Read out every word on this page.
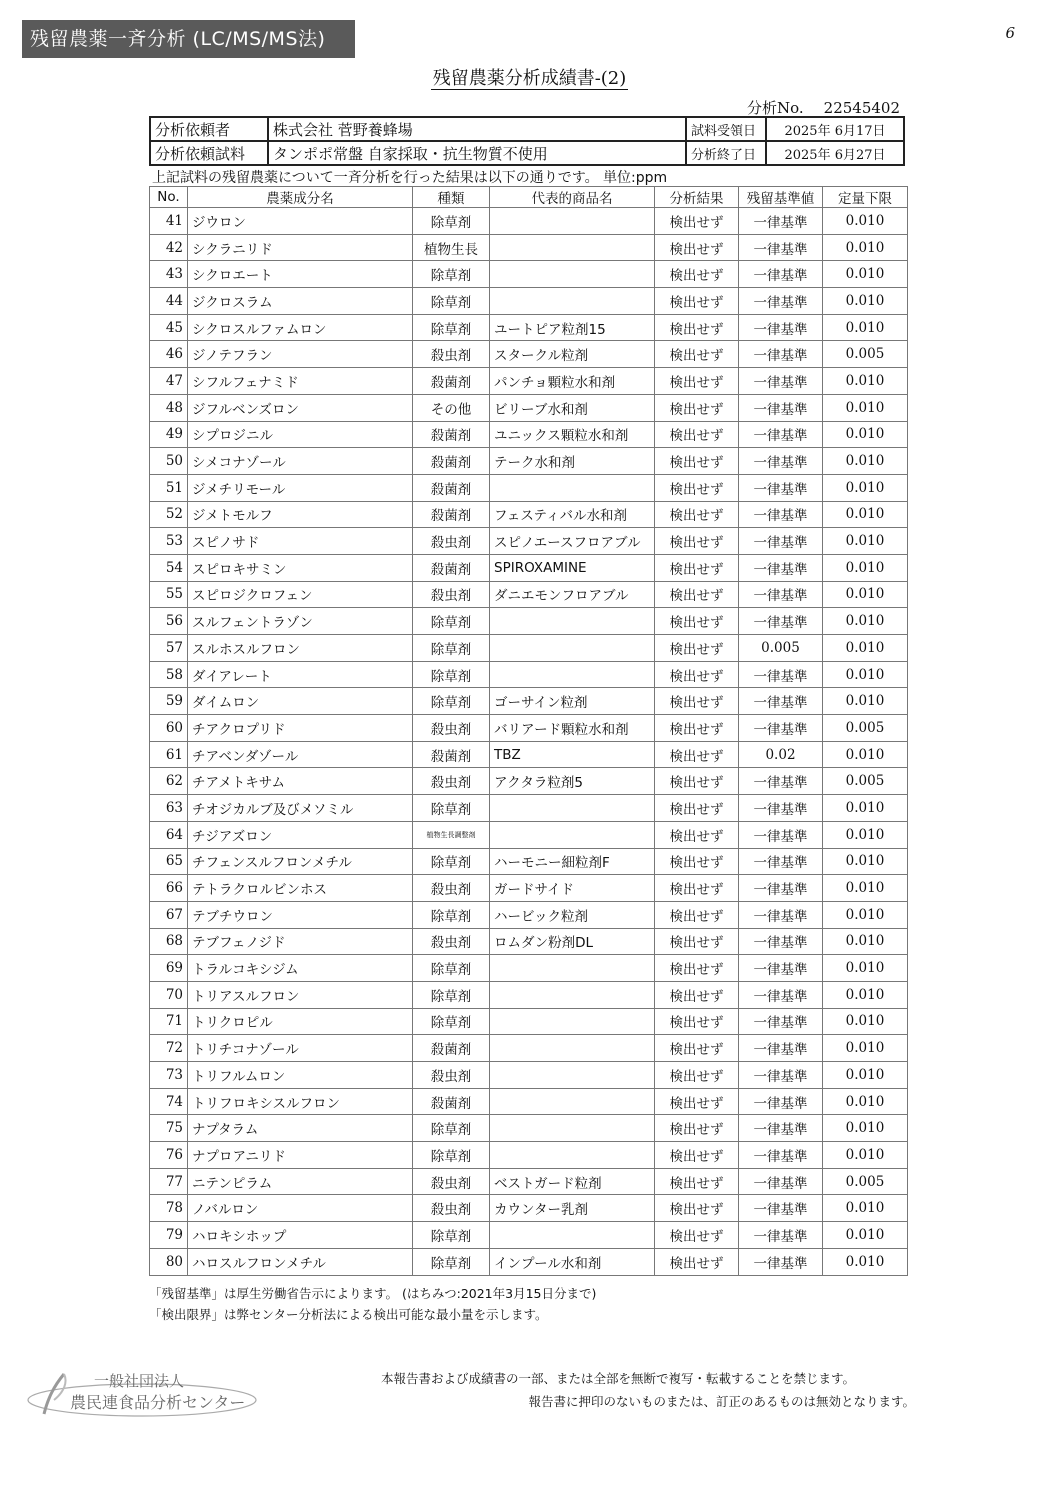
残留農薬一斉分析 (LC/MS/MS法)	6
残留農薬分析成績書-(2)
分析No. 22545402
分析依頼者	株式会社 菅野養蜂場	試料受領日	2025年 6月17日
分析依頼試料	タンポポ常盤 自家採取・抗生物質不使用	分析終了日	2025年 6月27日
上記試料の残留農薬について一斉分析を行った結果は以下の通りです。 単位:ppm
No.	農薬成分名	種類	代表的商品名	分析結果	残留基準値	定量下限
41	ジウロン	除草剤		検出せず	一律基準	0.010
42	シクラニリド	植物生長		検出せず	一律基準	0.010
43	シクロエート	除草剤		検出せず	一律基準	0.010
44	ジクロスラム	除草剤		検出せず	一律基準	0.010
45	シクロスルファムロン	除草剤	ユートピア粒剤15	検出せず	一律基準	0.010
46	ジノテフラン	殺虫剤	スタークル粒剤	検出せず	一律基準	0.005
47	シフルフェナミド	殺菌剤	パンチョ顆粒水和剤	検出せず	一律基準	0.010
48	ジフルベンズロン	その他	ビリーブ水和剤	検出せず	一律基準	0.010
49	シプロジニル	殺菌剤	ユニックス顆粒水和剤	検出せず	一律基準	0.010
50	シメコナゾール	殺菌剤	テーク水和剤	検出せず	一律基準	0.010
51	ジメチリモール	殺菌剤		検出せず	一律基準	0.010
52	ジメトモルフ	殺菌剤	フェスティバル水和剤	検出せず	一律基準	0.010
53	スピノサド	殺虫剤	スピノエースフロアブル	検出せず	一律基準	0.010
54	スピロキサミン	殺菌剤	SPIROXAMINE	検出せず	一律基準	0.010
55	スピロジクロフェン	殺虫剤	ダニエモンフロアブル	検出せず	一律基準	0.010
56	スルフェントラゾン	除草剤		検出せず	一律基準	0.010
57	スルホスルフロン	除草剤		検出せず	0.005	0.010
58	ダイアレート	除草剤		検出せず	一律基準	0.010
59	ダイムロン	除草剤	ゴーサイン粒剤	検出せず	一律基準	0.010
60	チアクロプリド	殺虫剤	バリアード顆粒水和剤	検出せず	一律基準	0.005
61	チアベンダゾール	殺菌剤	TBZ	検出せず	0.02	0.010
62	チアメトキサム	殺虫剤	アクタラ粒剤5	検出せず	一律基準	0.005
63	チオジカルブ及びメソミル	除草剤		検出せず	一律基準	0.010
64	チジアズロン	植物生長調整剤		検出せず	一律基準	0.010
65	チフェンスルフロンメチル	除草剤	ハーモニー細粒剤F	検出せず	一律基準	0.010
66	テトラクロルビンホス	殺虫剤	ガードサイド	検出せず	一律基準	0.010
67	テブチウロン	除草剤	ハービック粒剤	検出せず	一律基準	0.010
68	テブフェノジド	殺虫剤	ロムダン粉剤DL	検出せず	一律基準	0.010
69	トラルコキシジム	除草剤		検出せず	一律基準	0.010
70	トリアスルフロン	除草剤		検出せず	一律基準	0.010
71	トリクロピル	除草剤		検出せず	一律基準	0.010
72	トリチコナゾール	殺菌剤		検出せず	一律基準	0.010
73	トリフルムロン	殺虫剤		検出せず	一律基準	0.010
74	トリフロキシスルフロン	殺菌剤		検出せず	一律基準	0.010
75	ナプタラム	除草剤		検出せず	一律基準	0.010
76	ナプロアニリド	除草剤		検出せず	一律基準	0.010
77	ニテンピラム	殺虫剤	ベストガード粒剤	検出せず	一律基準	0.005
78	ノバルロン	殺虫剤	カウンター乳剤	検出せず	一律基準	0.010
79	ハロキシホップ	除草剤		検出せず	一律基準	0.010
80	ハロスルフロンメチル	除草剤	インプール水和剤	検出せず	一律基準	0.010
「残留基準」は厚生労働省告示によります。 (はちみつ:2021年3月15日分まで)
「検出限界」は弊センター分析法による検出可能な最小量を示します。
一般社団法人
農民連食品分析センター
本報告書および成績書の一部、または全部を無断で複写・転載することを禁じます。
報告書に押印のないものまたは、訂正のあるものは無効となります。
